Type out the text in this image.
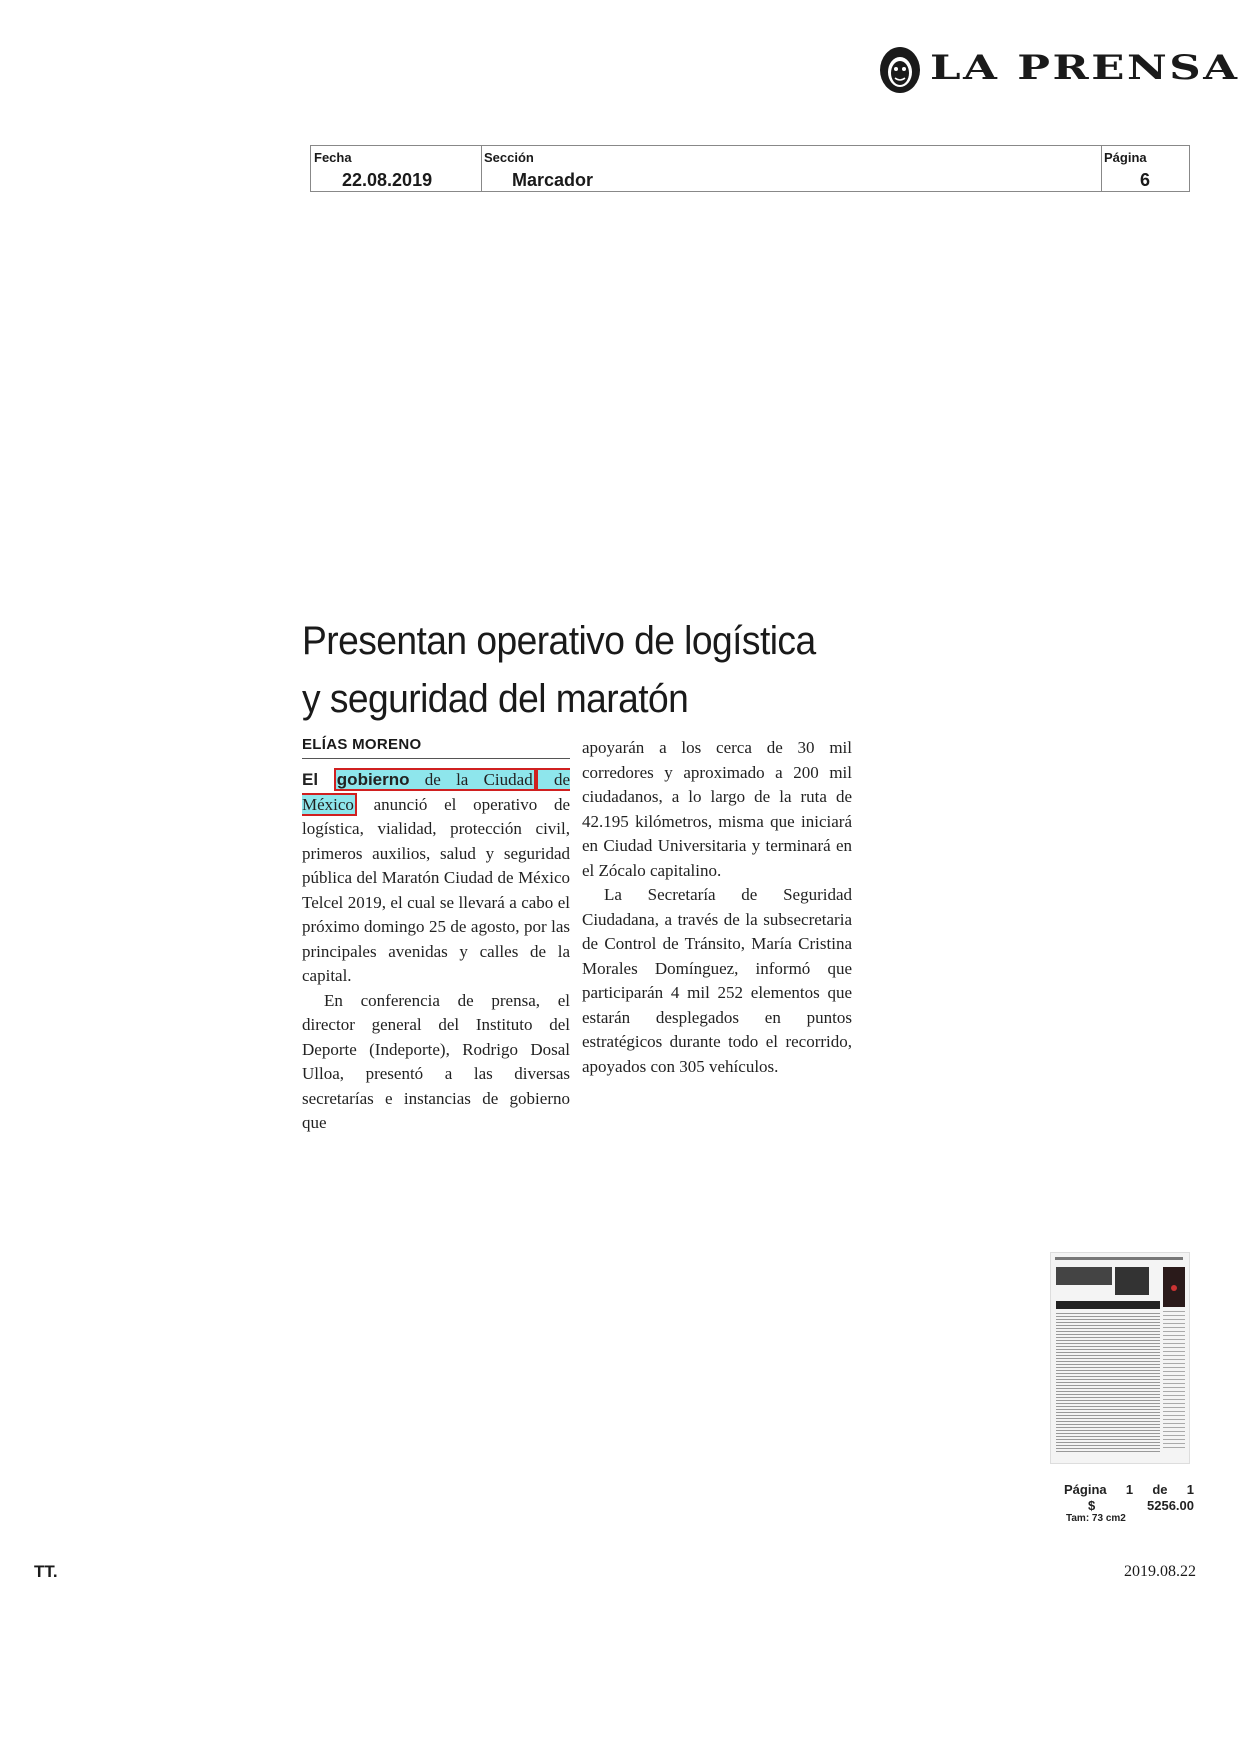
LA PRENSA
Fecha
22.08.2019
Sección
Marcador
Página
6
Presentan operativo de logística
y seguridad del maratón
ELÍAS MORENO

El gobierno de la Ciudad de México anunció el operativo de logística, vialidad, protección civil, primeros auxilios, salud y seguridad pública del Maratón Ciudad de México Telcel 2019, el cual se llevará a cabo el próximo domingo 25 de agosto, por las principales avenidas y calles de la capital.

En conferencia de prensa, el director general del Instituto del Deporte (Indeporte), Rodrigo Dosal Ulloa, presentó a las diversas secretarías e instancias de gobierno que

apoyarán a los cerca de 30 mil corredores y aproximado a 200 mil ciudadanos, a lo largo de la ruta de 42.195 kilómetros, misma que iniciará en Ciudad Universitaria y terminará en el Zócalo capitalino.

La Secretaría de Seguridad Ciudadana, a través de la subsecretaria de Control de Tránsito, María Cristina Morales Domínguez, informó que participarán 4 mil 252 elementos que estarán desplegados en puntos estratégicos durante todo el recorrido, apoyados con 305 vehículos.

Página 1 de 1
$	5256.00
Tam: 73 cm2
TT.	2019.08.22
